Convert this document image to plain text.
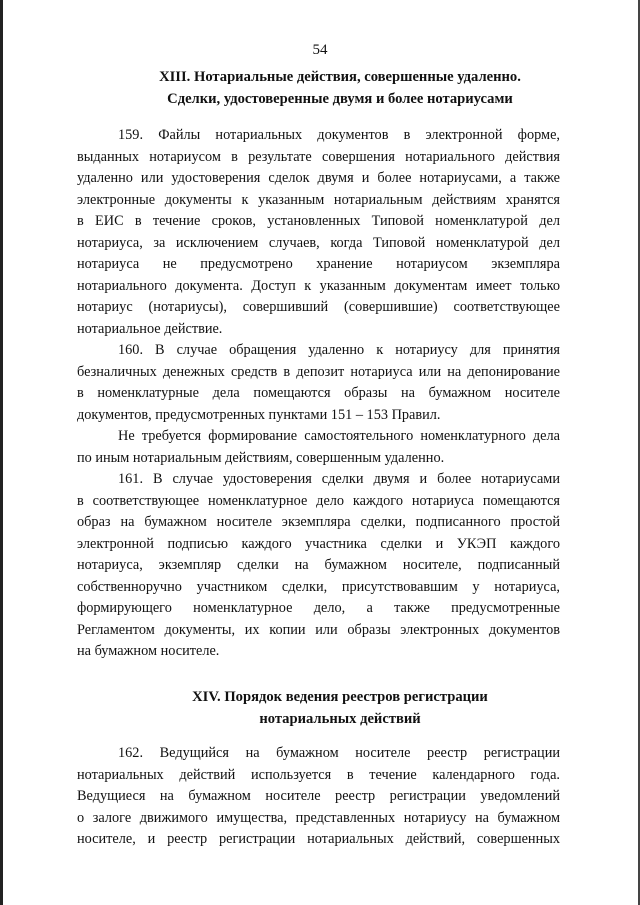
54
XIII. Нотариальные действия, совершенные удаленно.
Сделки, удостоверенные двумя и более нотариусами
159. Файлы нотариальных документов в электронной форме,
выданных нотариусом в результате совершения нотариального действия
удаленно или удостоверения сделок двумя и более нотариусами, а также
электронные документы к указанным нотариальным действиям хранятся
в ЕИС в течение сроков, установленных Типовой номенклатурой дел
нотариуса, за исключением случаев, когда Типовой номенклатурой дел
нотариуса не предусмотрено хранение нотариусом экземпляра
нотариального документа. Доступ к указанным документам имеет только
нотариус (нотариусы), совершивший (совершившие) соответствующее
нотариальное действие.
160. В случае обращения удаленно к нотариусу для принятия
безналичных денежных средств в депозит нотариуса или на депонирование
в номенклатурные дела помещаются образы на бумажном носителе
документов, предусмотренных пунктами 151 – 153 Правил.
Не требуется формирование самостоятельного номенклатурного дела
по иным нотариальным действиям, совершенным удаленно.
161. В случае удостоверения сделки двумя и более нотариусами
в соответствующее номенклатурное дело каждого нотариуса помещаются
образ на бумажном носителе экземпляра сделки, подписанного простой
электронной подписью каждого участника сделки и УКЭП каждого
нотариуса, экземпляр сделки на бумажном носителе, подписанный
собственноручно участником сделки, присутствовавшим у нотариуса,
формирующего номенклатурное дело, а также предусмотренные
Регламентом документы, их копии или образы электронных документов
на бумажном носителе.
XIV. Порядок ведения реестров регистрации
нотариальных действий
162. Ведущийся на бумажном носителе реестр регистрации
нотариальных действий используется в течение календарного года.
Ведущиеся на бумажном носителе реестр регистрации уведомлений
о залоге движимого имущества, представленных нотариусу на бумажном
носителе, и реестр регистрации нотариальных действий, совершенных
